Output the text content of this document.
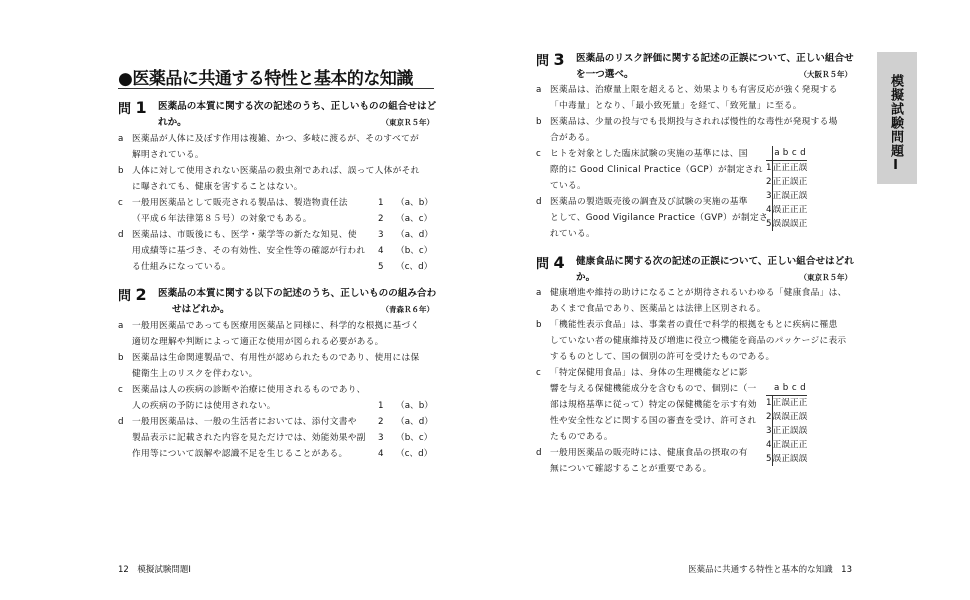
●医薬品に共通する特性と基本的な知識
問 1 医薬品の本質に関する次の記述のうち、正しいものの組合せはど
れか。	（東京Ｒ５年）
a 医薬品が人体に及ぼす作用は複雑、かつ、多岐に渡るが、そのすべてが
解明されている。
b 人体に対して使用されない医薬品の殺虫剤であれば、誤って人体がそれ
に曝されても、健康を害することはない。
c 一般用医薬品として販売される製品は、製造物責任法
（平成６年法律第８５号）の対象でもある。
d 医薬品は、市販後にも、医学・薬学等の新たな知見、使
用成績等に基づき、その有効性、安全性等の確認が行われ
る仕組みになっている。
1 （a、b）
2 （a、c）
3 （a、d）
4 （b、c）
5 （c、d）
問 2 医薬品の本質に関する以下の記述のうち、正しいものの組み合わ
せはどれか。	（青森Ｒ６年）
a 一般用医薬品であっても医療用医薬品と同様に、科学的な根拠に基づく
適切な理解や判断によって適正な使用が図られる必要がある。
b 医薬品は生命関連製品で、有用性が認められたものであり、使用には保
健衛生上のリスクを伴わない。
c 医薬品は人の疾病の診断や治療に使用されるものであり、
人の疾病の予防には使用されない。
d 一般用医薬品は、一般の生活者においては、添付文書や
製品表示に記載された内容を見ただけでは、効能効果や副
作用等について誤解や認識不足を生じることがある。
1 （a、b）
2 （a、d）
3 （b、c）
4 （c、d）
12　模擬試験問題Ⅰ
問 3 医薬品のリスク評価に関する記述の正誤について、正しい組合せ
を一つ選べ。	（大阪Ｒ５年）
a 医薬品は、治療量上限を超えると、効果よりも有害反応が強く発現する
「中毒量」となり、「最小致死量」を経て、「致死量」に至る。
b 医薬品は、少量の投与でも長期投与されれば慢性的な毒性が発現する場
合がある。
c ヒトを対象とした臨床試験の実施の基準には、国
際的に Good Clinical Practice（GCP）が制定され
ている。
d 医薬品の製造販売後の調査及び試験の実施の基準
として、Good Vigilance Practice（GVP）が制定さ
れている。
	a	b	c	d
1	正	正	正	誤
2	正	正	誤	正
3	正	誤	正	誤
4	誤	正	正	正
5	誤	誤	誤	正
問 4 健康食品に関する次の記述の正誤について、正しい組合せはどれ
か。	（東京Ｒ５年）
a 健康増進や維持の助けになることが期待されるいわゆる「健康食品」は、
あくまで食品であり、医薬品とは法律上区別される。
b 「機能性表示食品」は、事業者の責任で科学的根拠をもとに疾病に罹患
していない者の健康維持及び増進に役立つ機能を商品のパッケージに表示
するものとして、国の個別の許可を受けたものである。
c 「特定保健用食品」は、身体の生理機能などに影
響を与える保健機能成分を含むもので、個別に（一
部は規格基準に従って）特定の保健機能を示す有効
性や安全性などに関する国の審査を受け、許可され
たものである。
d 一般用医薬品の販売時には、健康食品の摂取の有
無について確認することが重要である。
	a	b	c	d
1	正	誤	正	正
2	誤	誤	正	誤
3	正	正	誤	誤
4	正	誤	正	正
5	誤	正	誤	誤
模擬試験問題Ⅰ
医薬品に共通する特性と基本的な知識　13
